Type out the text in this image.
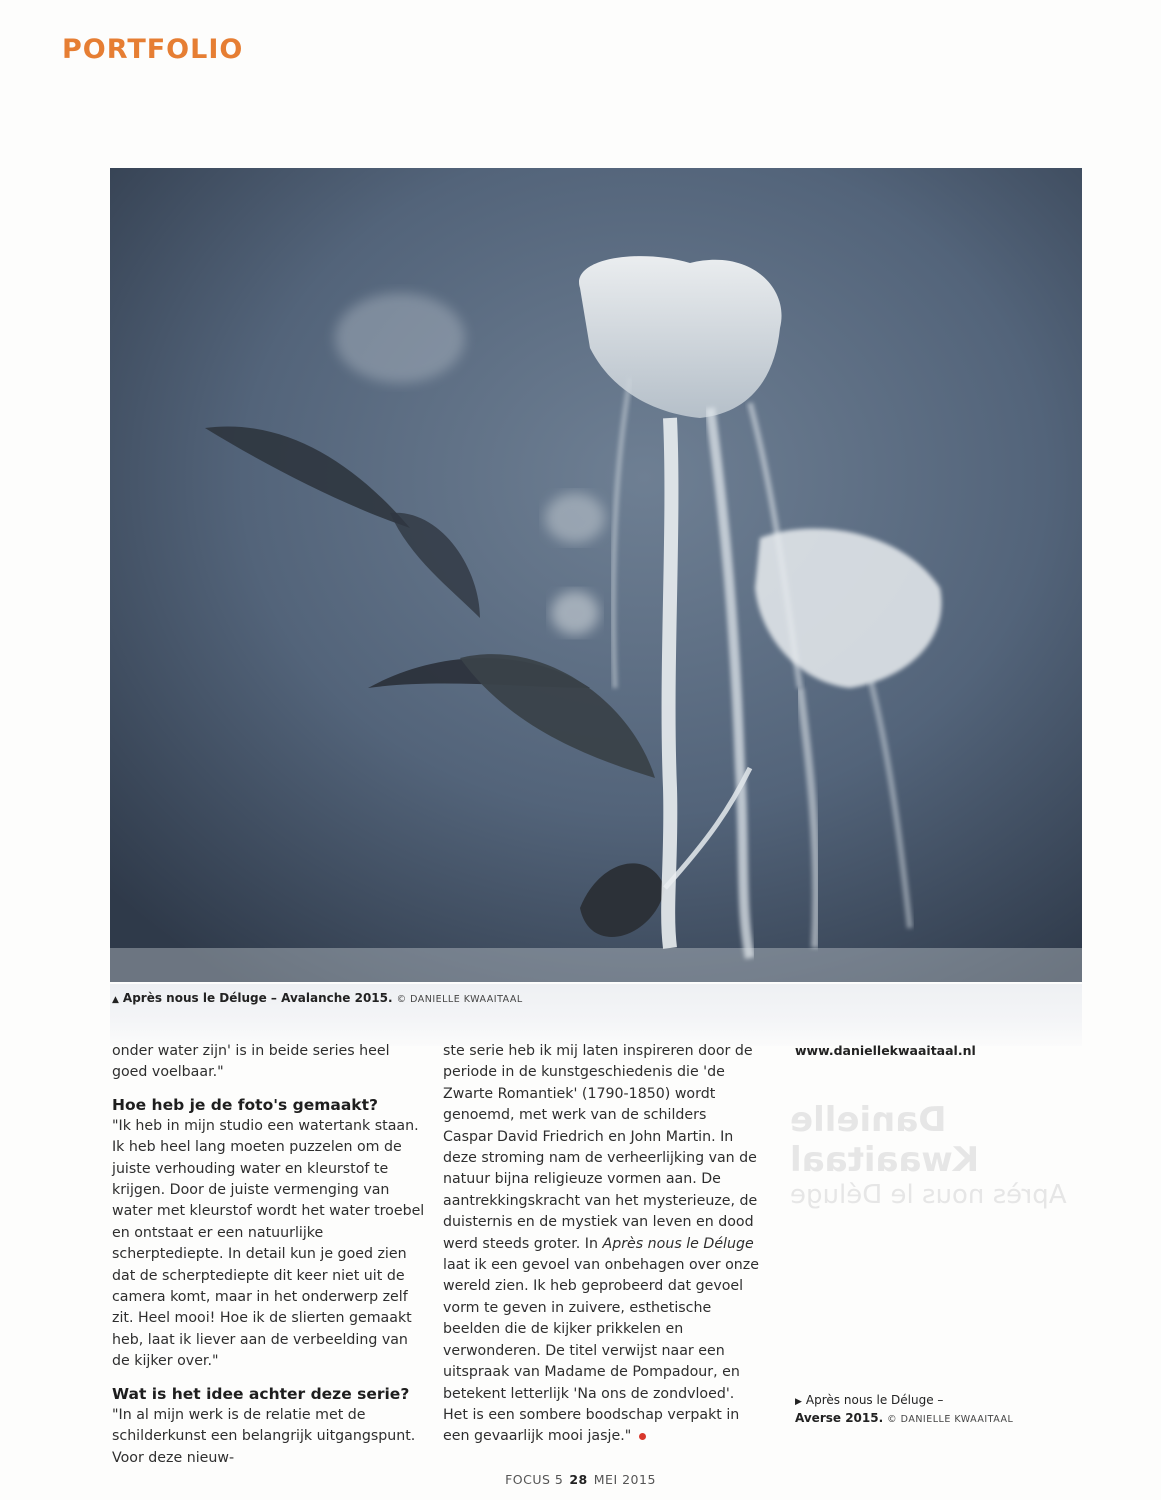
PORTFOLIO
▲ Après nous le Déluge – Avalanche 2015. © DANIELLE KWAAITAAL

onder water zijn' is in beide series heel goed voelbaar."

Hoe heb je de foto's gemaakt?

"Ik heb in mijn studio een watertank staan. Ik heb heel lang moeten puzzelen om de juiste verhouding water en kleurstof te krijgen. Door de juiste vermenging van water met kleurstof wordt het water troebel en ontstaat er een natuurlijke scherptediepte. In detail kun je goed zien dat de scherptediepte dit keer niet uit de camera komt, maar in het onderwerp zelf zit. Heel mooi! Hoe ik de slierten gemaakt heb, laat ik liever aan de verbeelding van de kijker over."

Wat is het idee achter deze serie?

"In al mijn werk is de relatie met de schilderkunst een belangrijk uitgangspunt. Voor deze nieuw-

ste serie heb ik mij laten inspireren door de periode in de kunstgeschiedenis die 'de Zwarte Romantiek' (1790-1850) wordt genoemd, met werk van de schilders Caspar David Friedrich en John Martin. In deze stroming nam de verheerlijking van de natuur bijna religieuze vormen aan. De aantrekkingskracht van het mysterieuze, de duisternis en de mystiek van leven en dood werd steeds groter. In Après nous le Déluge laat ik een gevoel van onbehagen over onze wereld zien. Ik heb geprobeerd dat gevoel vorm te geven in zuivere, esthetische beelden die de kijker prikkelen en verwonderen. De titel verwijst naar een uitspraak van Madame de Pompadour, en betekent letterlijk 'Na ons de zondvloed'. Het is een sombere boodschap verpakt in een gevaarlijk mooi jasje."

www.daniellekwaaitaal.nl
Danielle Kwaaitaal
Après nous le Déluge
▶ Après nous le Déluge –
Averse 2015. © DANIELLE KWAAITAAL
FOCUS 5 28 MEI 2015
